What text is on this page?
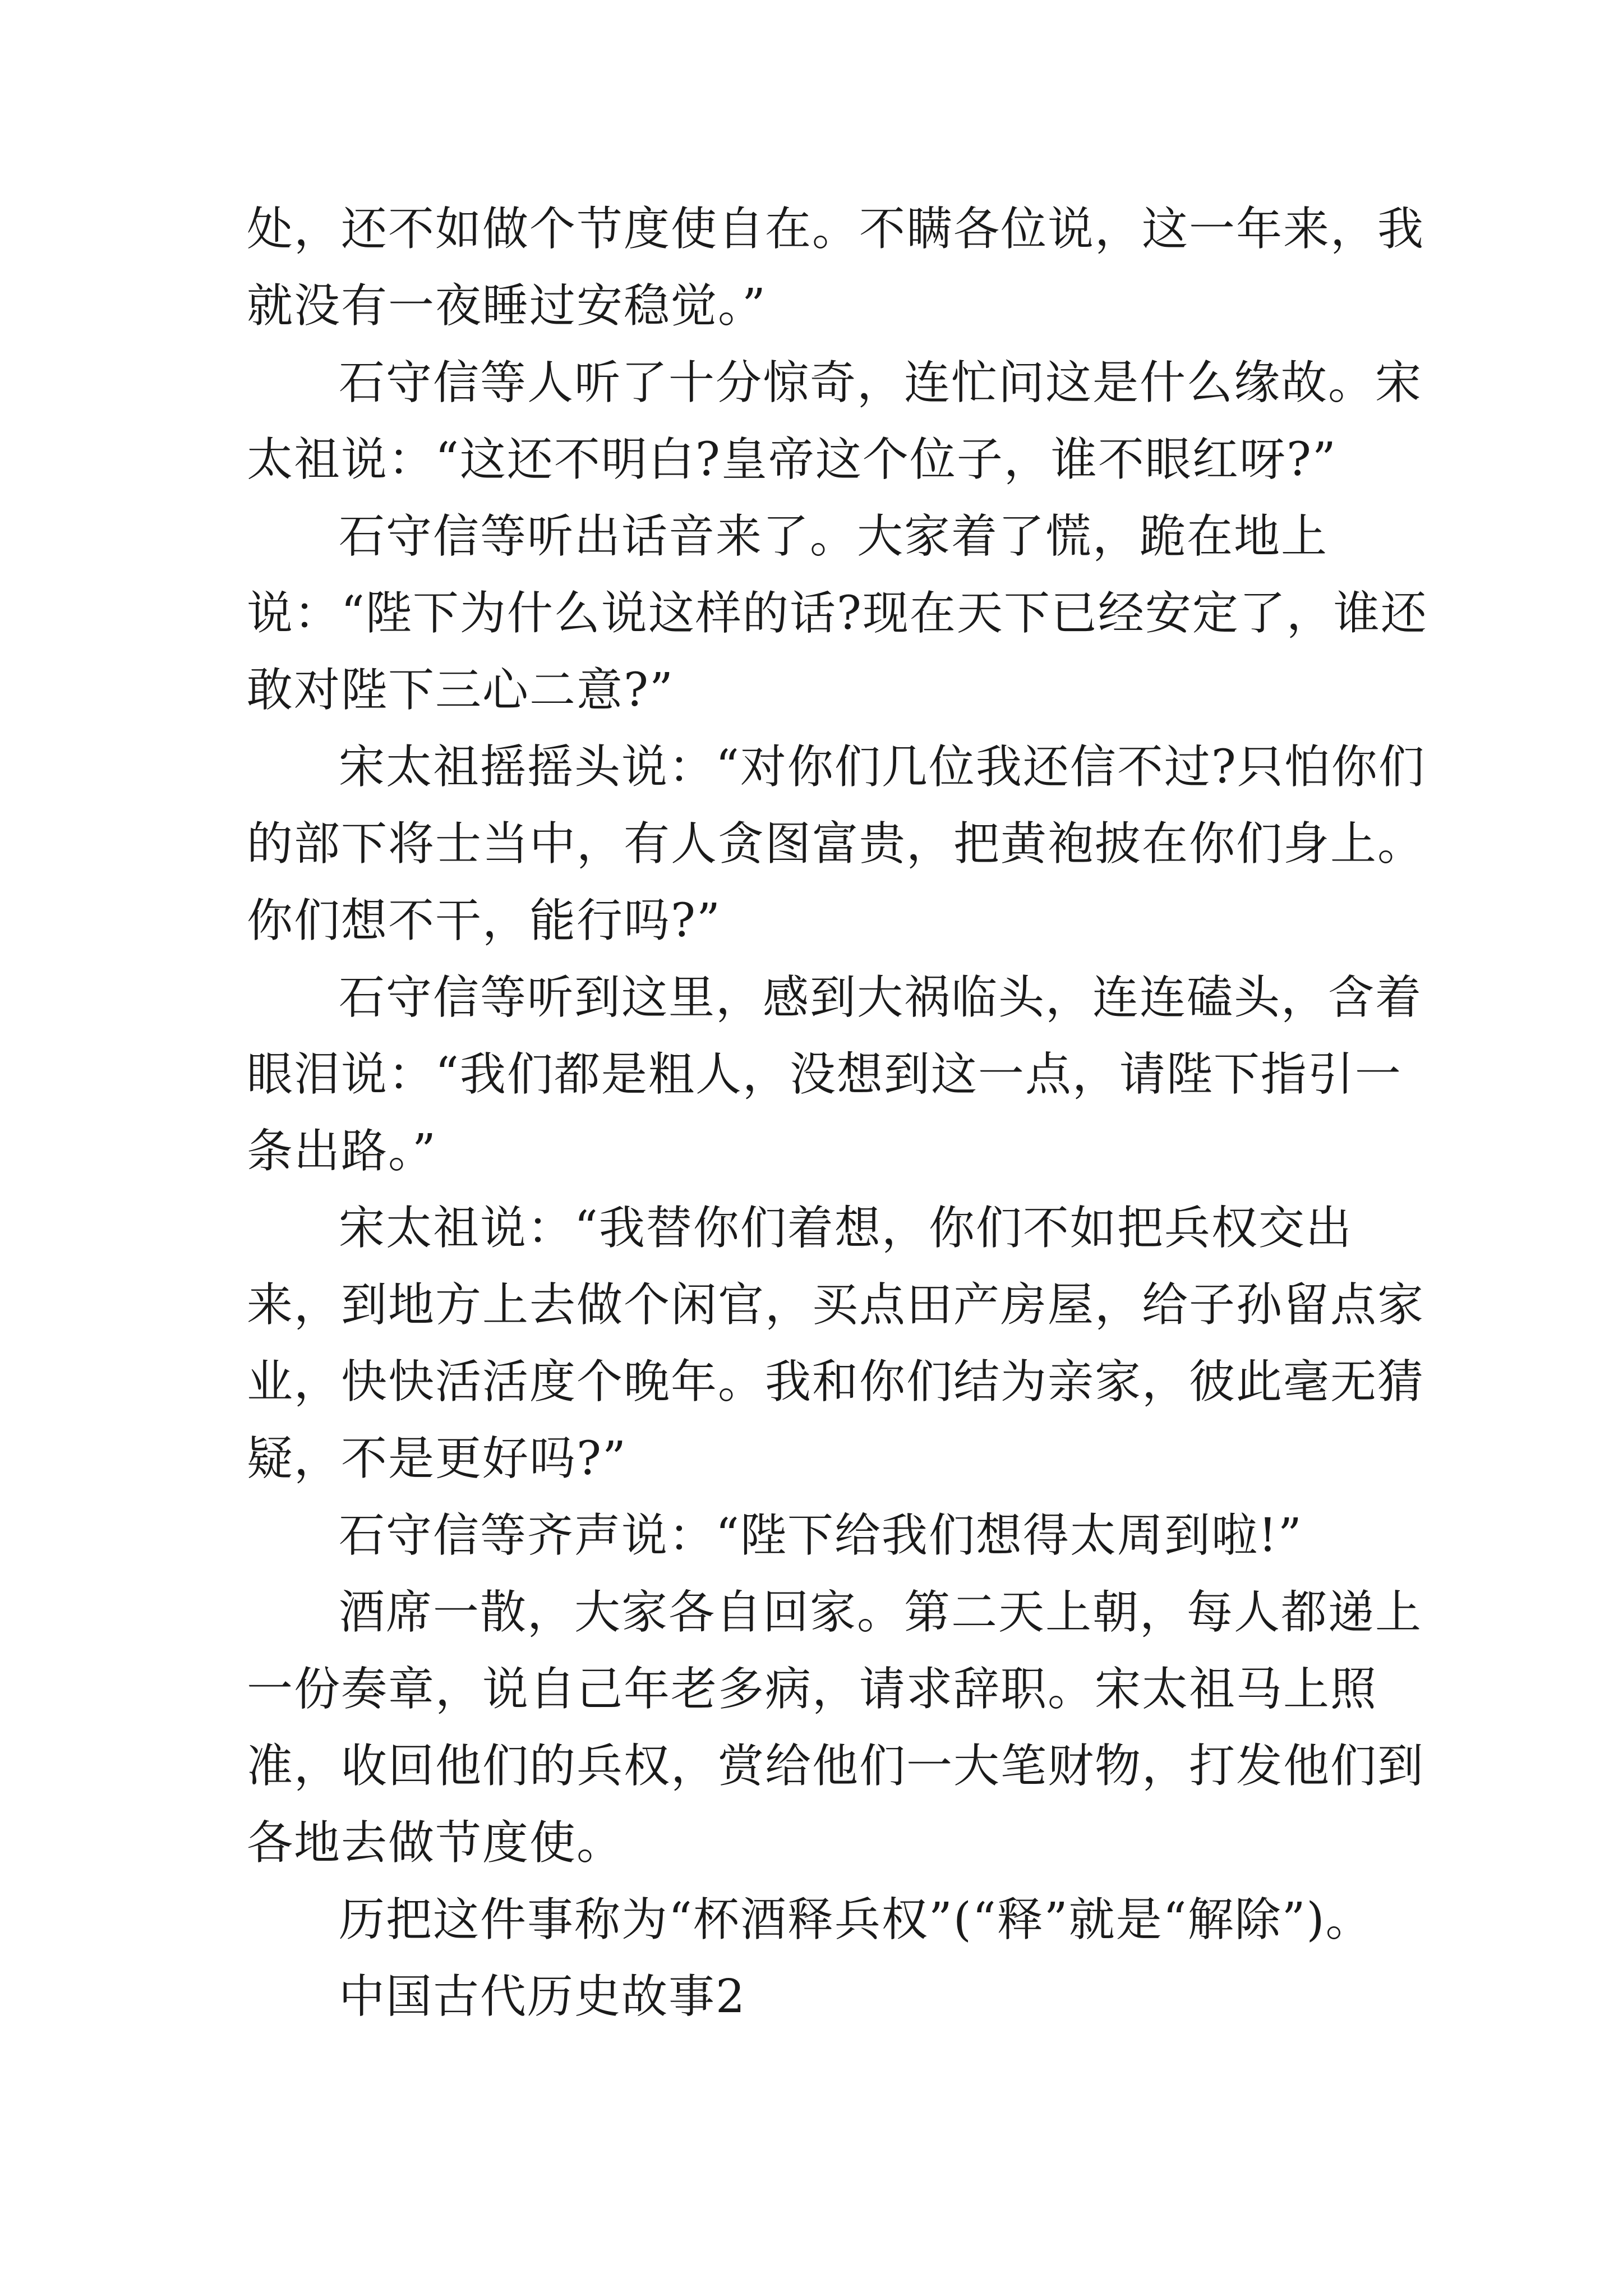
处，还不如做个节度使自在。不瞒各位说，这一年来，我就没有一夜睡过安稳觉。”

石守信等人听了十分惊奇，连忙问这是什么缘故。宋太祖说：“这还不明白?皇帝这个位子，谁不眼红呀?”

石守信等听出话音来了。大家着了慌，跪在地上说：“陛下为什么说这样的话?现在天下已经安定了，谁还敢对陛下三心二意?”

宋太祖摇摇头说：“对你们几位我还信不过?只怕你们的部下将士当中，有人贪图富贵，把黄袍披在你们身上。你们想不干，能行吗?”

石守信等听到这里，感到大祸临头，连连磕头，含着眼泪说：“我们都是粗人，没想到这一点，请陛下指引一条出路。”

宋太祖说：“我替你们着想，你们不如把兵权交出来，到地方上去做个闲官，买点田产房屋，给子孙留点家业，快快活活度个晚年。我和你们结为亲家，彼此毫无猜疑，不是更好吗?”

石守信等齐声说：“陛下给我们想得太周到啦!”

酒席一散，大家各自回家。第二天上朝，每人都递上一份奏章，说自己年老多病，请求辞职。宋太祖马上照准，收回他们的兵权，赏给他们一大笔财物，打发他们到各地去做节度使。

历把这件事称为“杯酒释兵权”(“释”就是“解除”)。

中国古代历史故事2
